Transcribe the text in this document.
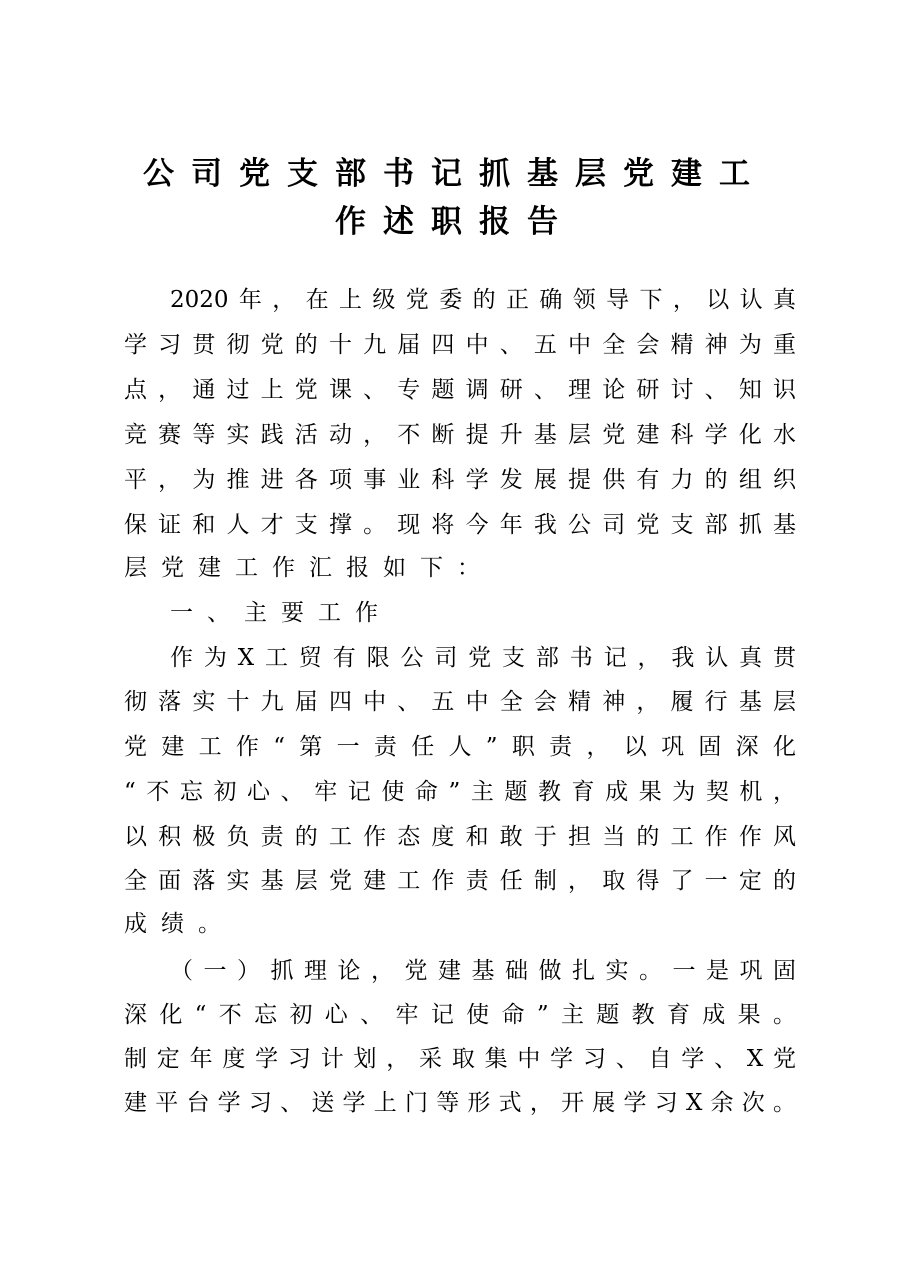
公司党支部书记抓基层党建工
作述职报告
2020年，在上级党委的正确领导下，以认真
学习贯彻党的十九届四中、五中全会精神为重
点，通过上党课、专题调研、理论研讨、知识
竞赛等实践活动，不断提升基层党建科学化水
平，为推进各项事业科学发展提供有力的组织
保证和人才支撑。现将今年我公司党支部抓基
层党建工作汇报如下：
一、主要工作
作为X工贸有限公司党支部书记，我认真贯
彻落实十九届四中、五中全会精神，履行基层
党建工作“第一责任人”职责，以巩固深化
“不忘初心、牢记使命”主题教育成果为契机，
以积极负责的工作态度和敢于担当的工作作风
全面落实基层党建工作责任制，取得了一定的
成绩。
（一）抓理论，党建基础做扎实。一是巩固
深化“不忘初心、牢记使命”主题教育成果。
制定年度学习计划，采取集中学习、自学、X党
建平台学习、送学上门等形式，开展学习X余次。
